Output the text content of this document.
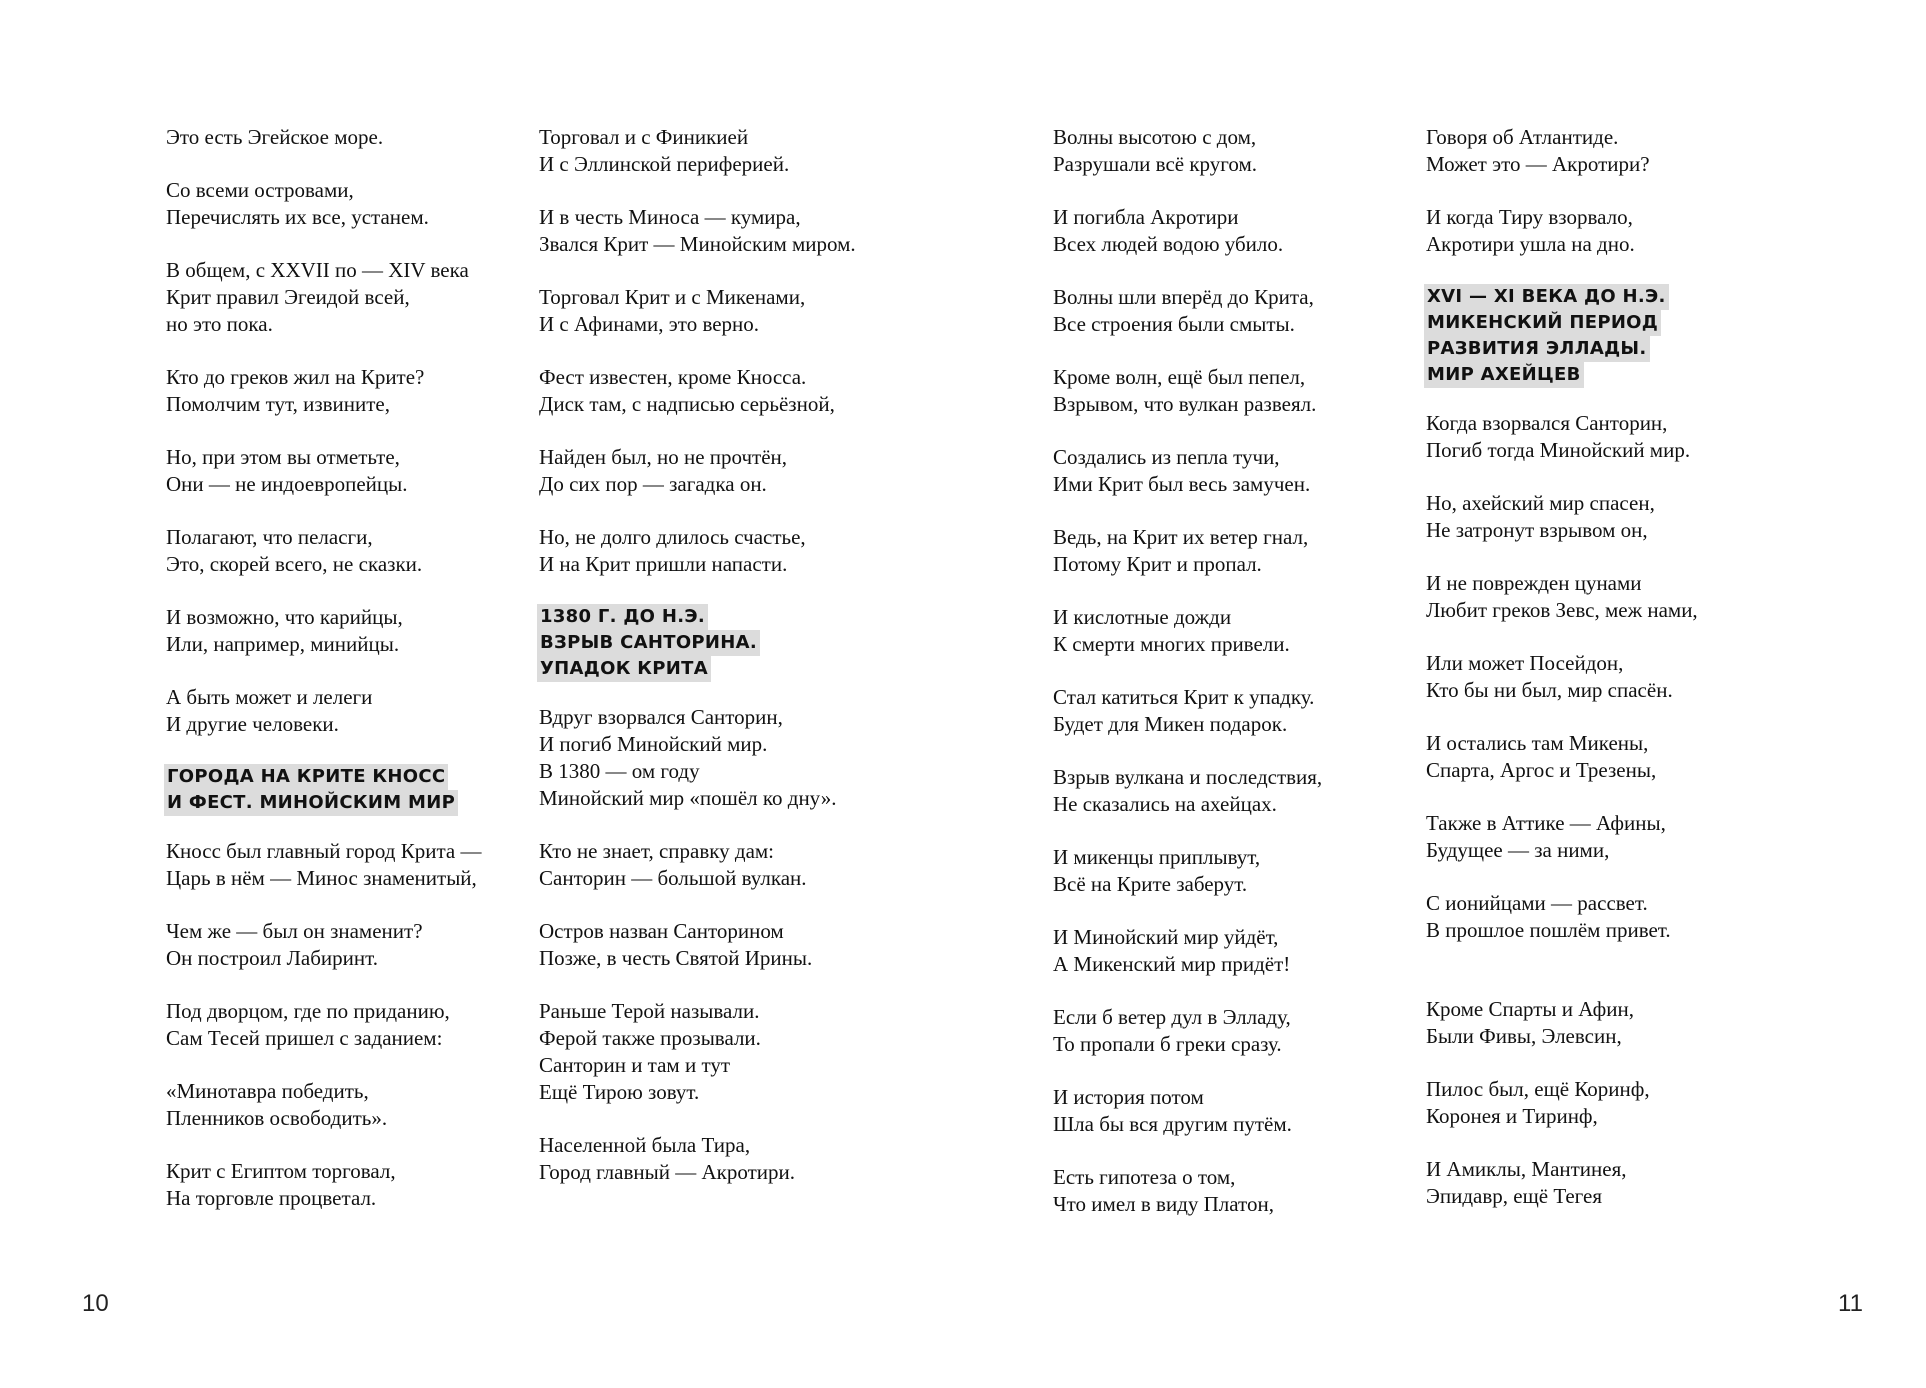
Это есть Эгейское море.
Со всеми островами,
Перечислять их все, устанем.
В общем, с XXVII по — XIV века
Крит правил Эгеидой всей,
но это пока.
Кто до греков жил на Крите?
Помолчим тут, извините,
Но, при этом вы отметьте,
Они — не индоевропейцы.
Полагают, что пеласги,
Это, скорей всего, не сказки.
И возможно, что карийцы,
Или, например, минийцы.
А быть может и лелеги
И другие человеки.
ГОРОДА НА КРИТЕ КНОСС
И ФЕСТ. МИНОЙСКИМ МИР
Кносс был главный город Крита —
Царь в нём — Минос знаменитый,
Чем же — был он знаменит?
Он построил Лабиринт.
Под дворцом, где по приданию,
Сам Тесей пришел с заданием:
«Минотавра победить,
Пленников освободить».
Крит с Египтом торговал,
На торговле процветал.
Торговал и с Финикией
И с Эллинской периферией.
И в честь Миноса — кумира,
Звался Крит — Минойским миром.
Торговал Крит и с Микенами,
И с Афинами, это верно.
Фест известен, кроме Кносса.
Диск там, с надписью серьёзной,
Найден был, но не прочтён,
До сих пор — загадка он.
Но, не долго длилось счастье,
И на Крит пришли напасти.
1380 Г. ДО Н.Э.
ВЗРЫВ САНТОРИНА.
УПАДОК КРИТА
Вдруг взорвался Санторин,
И погиб Минойский мир.
В 1380 — ом году
Минойский мир «пошёл ко дну».
Кто не знает, справку дам:
Санторин — большой вулкан.
Остров назван Санторином
Позже, в честь Святой Ирины.
Раньше Терой называли.
Ферой также прозывали.
Санторин и там и тут
Ещё Тирою зовут.
Населенной была Тира,
Город главный — Акротири.
Волны высотою с дом,
Разрушали всё кругом.
И погибла Акротири
Всех людей водою убило.
Волны шли вперёд до Крита,
Все строения были смыты.
Кроме волн, ещё был пепел,
Взрывом, что вулкан развеял.
Создались из пепла тучи,
Ими Крит был весь замучен.
Ведь, на Крит их ветер гнал,
Потому Крит и пропал.
И кислотные дожди
К смерти многих привели.
Стал катиться Крит к упадку.
Будет для Микен подарок.
Взрыв вулкана и последствия,
Не сказались на ахейцах.
И микенцы приплывут,
Всё на Крите заберут.
И Минойский мир уйдёт,
А Микенский мир придёт!
Если б ветер дул в Элладу,
То пропали б греки сразу.
И история потом
Шла бы вся другим путём.
Есть гипотеза о том,
Что имел в виду Платон,
Говоря об Атлантиде.
Может это — Акротири?
И когда Тиру взорвало,
Акротири ушла на дно.
XVI — XI ВЕКА ДО Н.Э.
МИКЕНСКИЙ ПЕРИОД
РАЗВИТИЯ ЭЛЛАДЫ.
МИР АХЕЙЦЕВ
Когда взорвался Санторин,
Погиб тогда Минойский мир.
Но, ахейский мир спасен,
Не затронут взрывом он,
И не поврежден цунами
Любит греков Зевс, меж нами,
Или может Посейдон,
Кто бы ни был, мир спасён.
И остались там Микены,
Спарта, Аргос и Трезены,
Также в Аттике — Афины,
Будущее — за ними,
С ионийцами — рассвет.
В прошлое пошлём привет.
Кроме Спарты и Афин,
Были Фивы, Элевсин,
Пилос был, ещё Коринф,
Коронея и Тиринф,
И Амиклы, Мантинея,
Эпидавр, ещё Тегея
10	11
